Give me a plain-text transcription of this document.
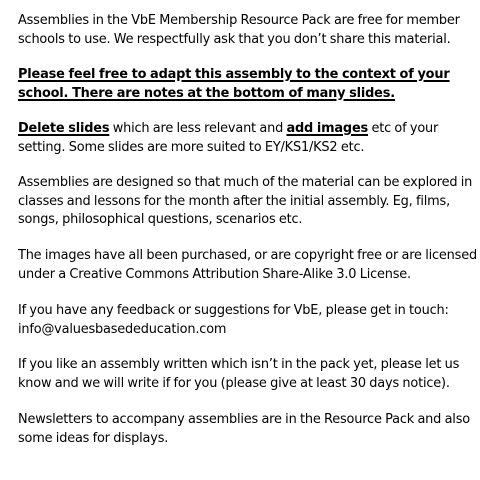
Assemblies in the VbE Membership Resource Pack are free for member
schools to use. We respectfully ask that you don’t share this material.

Please feel free to adapt this assembly to the context of your
school. There are notes at the bottom of many slides.

Delete slides which are less relevant and add images etc of your
setting. Some slides are more suited to EY/KS1/KS2 etc.

Assemblies are designed so that much of the material can be explored in
classes and lessons for the month after the initial assembly. Eg, films,
songs, philosophical questions, scenarios etc.

The images have all been purchased, or are copyright free or are licensed
under a Creative Commons Attribution Share-Alike 3.0 License.

If you have any feedback or suggestions for VbE, please get in touch:
info@valuesbasededucation.com

If you like an assembly written which isn’t in the pack yet, please let us
know and we will write if for you (please give at least 30 days notice).

Newsletters to accompany assemblies are in the Resource Pack and also
some ideas for displays.
